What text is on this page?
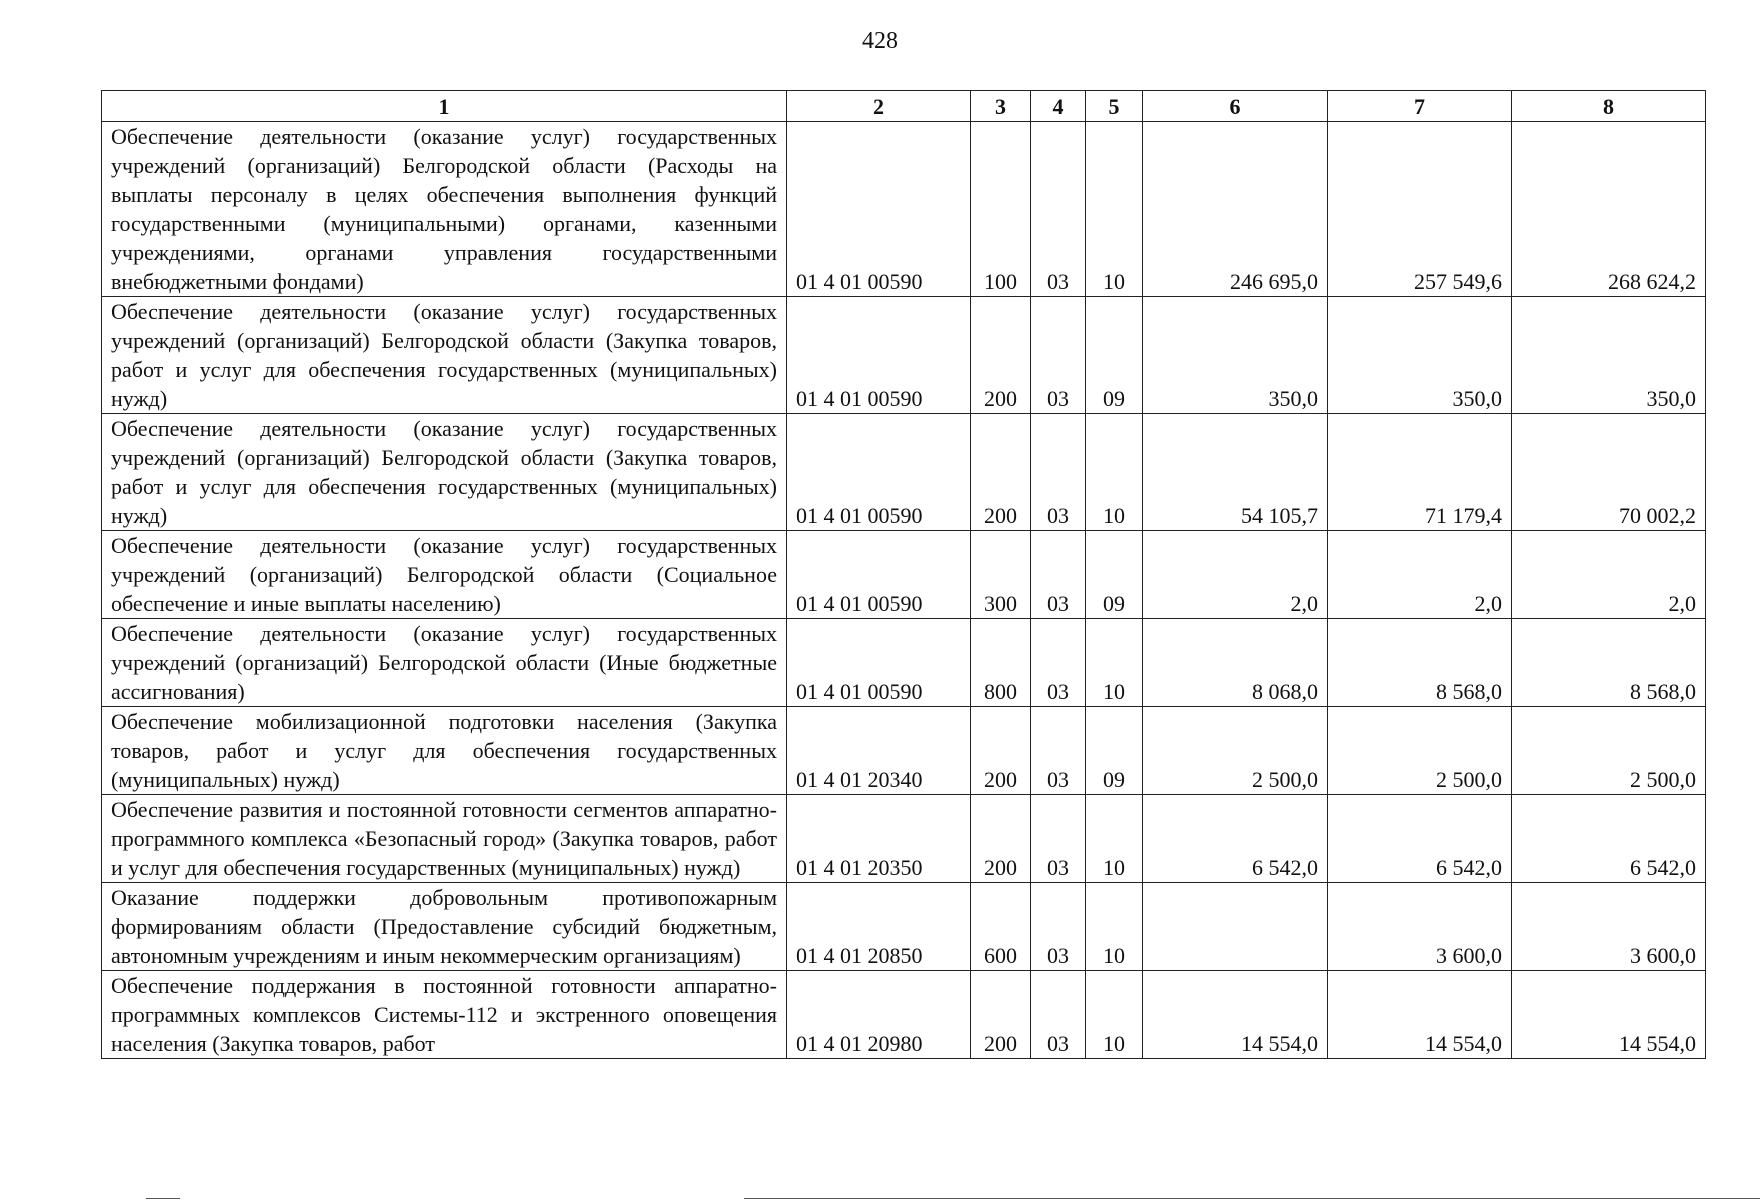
428
1	2	3	4	5	6	7	8
Обеспечение деятельности (оказание услуг) государственных учреждений (организаций) Белгородской области (Расходы на выплаты персоналу в целях обеспечения выполнения функций государственными (муниципальными) органами, казенными учреждениями, органами управления государственными внебюджетными фондами)	01 4 01 00590	100	03	10	246 695,0	257 549,6	268 624,2
Обеспечение деятельности (оказание услуг) государственных учреждений (организаций) Белгородской области (Закупка товаров, работ и услуг для обеспечения государственных (муниципальных) нужд)	01 4 01 00590	200	03	09	350,0	350,0	350,0
Обеспечение деятельности (оказание услуг) государственных учреждений (организаций) Белгородской области (Закупка товаров, работ и услуг для обеспечения государственных (муниципальных) нужд)	01 4 01 00590	200	03	10	54 105,7	71 179,4	70 002,2
Обеспечение деятельности (оказание услуг) государственных учреждений (организаций) Белгородской области (Социальное обеспечение и иные выплаты населению)	01 4 01 00590	300	03	09	2,0	2,0	2,0
Обеспечение деятельности (оказание услуг) государственных учреждений (организаций) Белгородской области (Иные бюджетные ассигнования)	01 4 01 00590	800	03	10	8 068,0	8 568,0	8 568,0
Обеспечение мобилизационной подготовки населения (Закупка товаров, работ и услуг для обеспечения государственных (муниципальных) нужд)	01 4 01 20340	200	03	09	2 500,0	2 500,0	2 500,0
Обеспечение развития и постоянной готовности сегментов аппаратно-программного комплекса «Безопасный город» (Закупка товаров, работ и услуг для обеспечения государственных (муниципальных) нужд)	01 4 01 20350	200	03	10	6 542,0	6 542,0	6 542,0
Оказание поддержки добровольным противопожарным формированиям области (Предоставление субсидий бюджетным, автономным учреждениям и иным некоммерческим организациям)	01 4 01 20850	600	03	10		3 600,0	3 600,0
Обеспечение поддержания в постоянной готовности аппаратно-программных комплексов Системы-112 и экстренного оповещения населения (Закупка товаров, работ	01 4 01 20980	200	03	10	14 554,0	14 554,0	14 554,0
